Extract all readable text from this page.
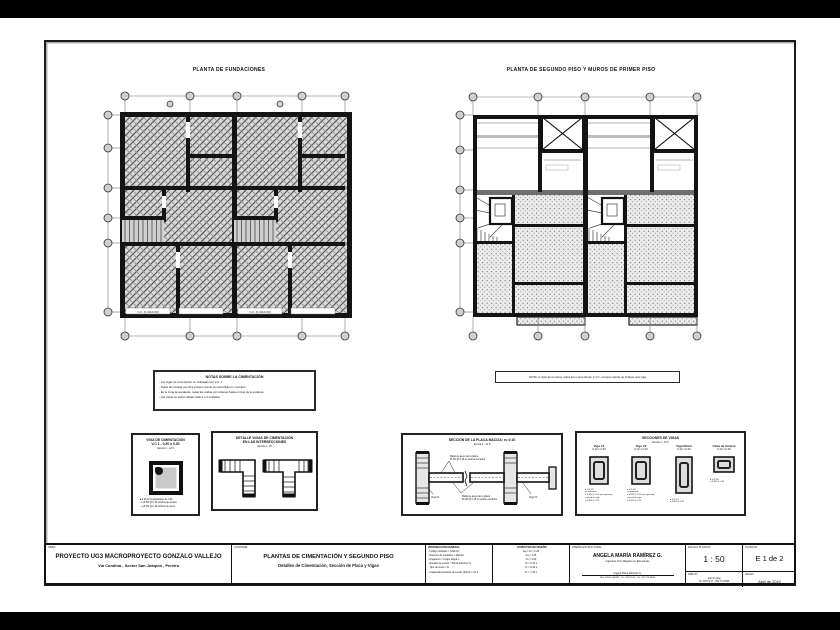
PLANTA DE FUNDACIONES	PLANTA DE SEGUNDO PISO Y MUROS DE PRIMER PISO
NOTAS SOBRE LA CIMENTACIÓN
- Las vigas de cimentación no indicadas son V.C. 1
- Todas las riostras son Ø 3 excepto donde se especifique lo contrario
- En la zona de escaleras, todas las celdas van rellenas hasta el nivel de la escalera.
- Las casas se deben dilatar cada 2 o 3 unidades
NOTA: A nivel de la placa, todos los muros llevan C.V.1, excepto donde se indique una viga
VIGA DE CIMENTACIÓN
V.C.1 - 0.30 x 0.30
Escala 1 : 12.5
■ 4 Ø 1/2 longitudinales de 0.60
- e Ø 3/8 @ 0.15 estribos de amarre
- e Ø 3/8 @ 0.15 estribos de cierre
DETALLE VIGAS DE CIMENTACIÓN
EN LAS INTERSECCIONES
Escala 1 : 25
SECCIÓN DE LA PLACA MACIZA: e= 0.10
Escala 1 : 12.5
Malla de acero de la placa
Ø 3/8 @ 0.15 en ambos sentidos
Malla de acero de la placa
Ø 3/8 @ 0.15 en ambos sentidos
Viga V1	Viga V1
SECCIONES DE VIGAS
Escala 1 : 12.5
Viga V1
0.12 x 0.20
Viga V2
0.12 x 0.20
Viga Dintel
0.12 x 0.20
Cinta de Amarre
0.12 x 0.10
● 4 Ø 1/2
en extremos:
e Ø 3/8 @ 0.10 (con ganchos)
resto de la viga:
e Ø 3/8 @ 0.15
● 4 Ø 1/2
en extremos:
e Ø 3/8 @ 0.10 (con ganchos)
resto de la viga:
e Ø 3/8 @ 0.15
● 2 Ø 1/2
e Ø 3/8 @ 0.15
● 2 Ø 3/8
e Ø 3/8 @ 0.20
OBRA
PROYECTO UG3 MACROPROYECTO GONZALO VALLEJO
Vía Condina - Sector San Joaquín , Pereira
CONTIENE
PLANTAS DE CIMENTACIÓN Y SEGUNDO PISO
Detalles de Cimentación, Sección de Placa y Vigas
INFORMACIÓN GENERAL
- Código utilizado = NSR-10
- Sistema de unidades = Métrico
- Arquitecto = Felipe Mejía L.
- Estudio de suelos = Berta Sánchez G.
- Tipo de suelo = D
- Capacidad portante del suelo (SeFu) = 21.2
ESPECTRO DE DISEÑO
Aa = Av = 0.25
Fa = 1.45
Fv = 3.00
To = 0.31 s
Tc = 0.69 s
TL = 7.24 s
DISEÑO ESTRUCTURAL
ANGELA MARÍA RAMÍREZ G.
Ingeniera Civil, Magíster en Estructuras
Angela María Ramírez G.
Mat. 25202-168496 - Tel. 334 55 66 - Cel. 310 774 0898
ESCALA PLANTAS
1 : 50
DIBUJÓ
Juan P. Arias
Tel. 333 03 07 - 300 774 0898
PLANCHA
E 1 de 2
FECHA
Abril de 2019
